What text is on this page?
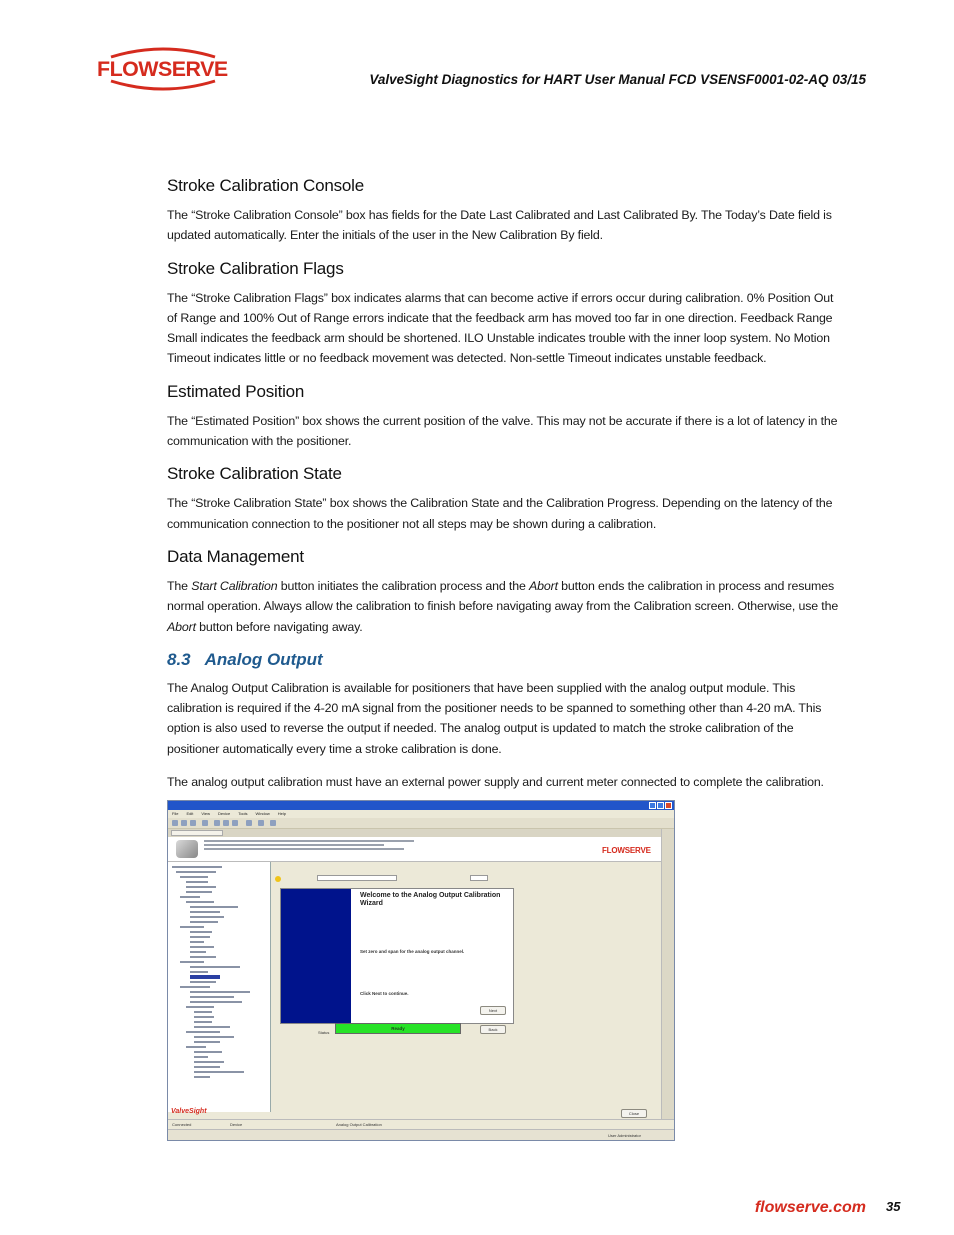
FLOWSERVE	ValveSight Diagnostics for HART User Manual FCD VSENSF0001-02-AQ 03/15
Stroke Calibration Console

The “Stroke Calibration Console” box has fields for the Date Last Calibrated and Last Calibrated By. The Today’s Date field is updated automatically. Enter the initials of the user in the New Calibration By field.

Stroke Calibration Flags

The “Stroke Calibration Flags” box indicates alarms that can become active if errors occur during calibration. 0% Position Out of Range and 100% Out of Range errors indicate that the feedback arm has moved too far in one direction. Feedback Range Small indicates the feedback arm should be shortened. ILO Unstable indicates trouble with the inner loop system. No Motion Timeout indicates little or no feedback movement was detected. Non-settle Timeout indicates unstable feedback.

Estimated Position

The “Estimated Position” box shows the current position of the valve. This may not be accurate if there is a lot of latency in the communication with the positioner.

Stroke Calibration State

The “Stroke Calibration State” box shows the Calibration State and the Calibration Progress. Depending on the latency of the communication connection to the positioner not all steps may be shown during a calibration.

Data Management

The Start Calibration button initiates the calibration process and the Abort button ends the calibration in process and resumes normal operation. Always allow the calibration to finish before navigating away from the Calibration screen. Otherwise, use the Abort button before navigating away.

8.3 Analog Output

The Analog Output Calibration is available for positioners that have been supplied with the analog output module. This calibration is required if the 4-20 mA signal from the positioner needs to be spanned to something other than 4-20 mA. This option is also used to reverse the output if needed. The analog output is updated to match the stroke calibration of the positioner automatically every time a stroke calibration is done.

The analog output calibration must have an external power supply and current meter connected to complete the calibration.

File Edit View Device Tools Window Help
FLOWSERVE
ValveSight
Welcome to the Analog Output Calibration Wizard
Set zero and span for the analog output channel.
Click Next to continue.
Next
Status
Ready	Back
Close
Connected	Device	Analog Output Calibration
User Administrator
flowserve.com 35
